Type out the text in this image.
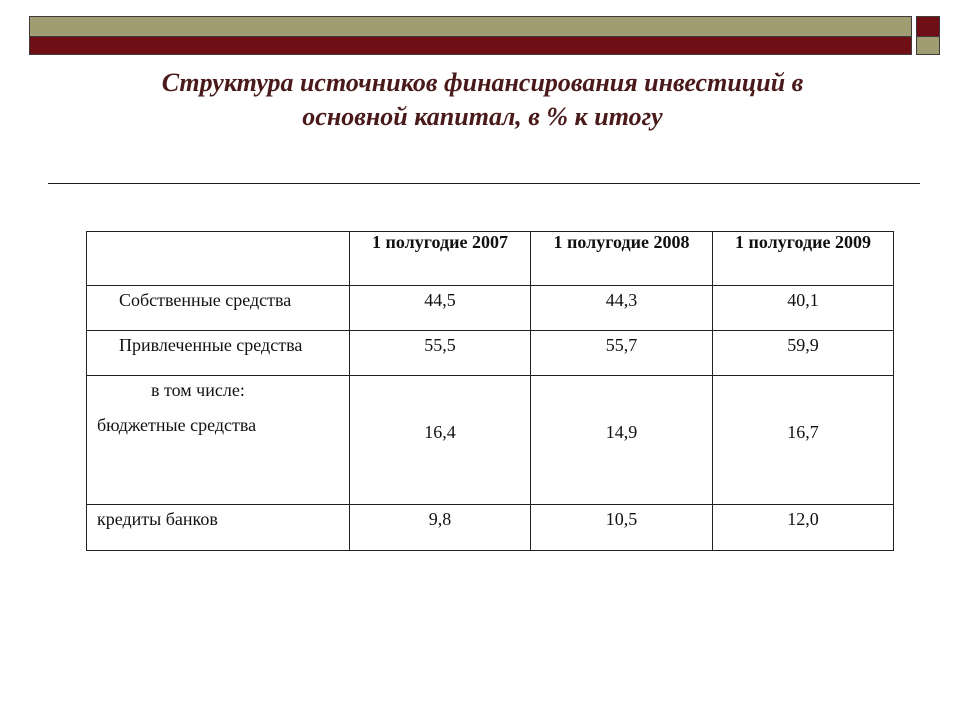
Структура источников финансирования инвестиций в
основной капитал, в % к итогу
	1 полугодие 2007	1 полугодие 2008	1 полугодие 2009
Собственные средства	44,5	44,3	40,1
Привлеченные средства	55,5	55,7	59,9

в том числе:
бюджетные средства	16,4	14,9	16,7
кредиты банков	9,8	10,5	12,0
